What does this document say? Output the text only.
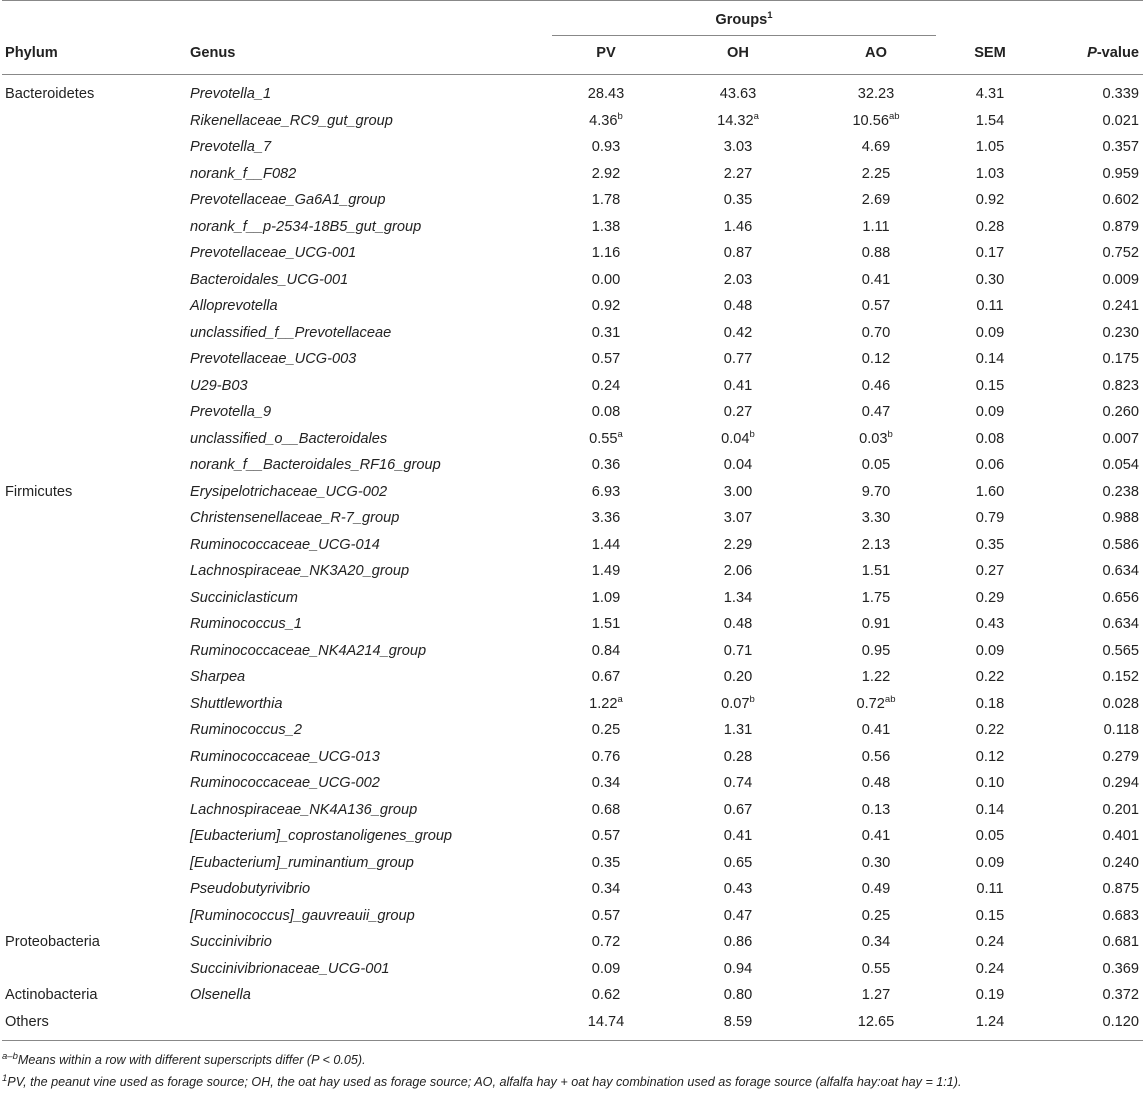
		Groups$^1$		
Phylum	Genus	PV	OH	AO	SEM	P-value
Bacteroidetes	Prevotella_1	28.43	43.63	32.23	4.31	0.339
	Rikenellaceae_RC9_gut_group	4.36$^b$	14.32$^a$	10.56$^{ab}$	1.54	0.021
	Prevotella_7	0.93	3.03	4.69	1.05	0.357
	norank_f__F082	2.92	2.27	2.25	1.03	0.959
	Prevotellaceae_Ga6A1_group	1.78	0.35	2.69	0.92	0.602
	norank_f__p-2534-18B5_gut_group	1.38	1.46	1.11	0.28	0.879
	Prevotellaceae_UCG-001	1.16	0.87	0.88	0.17	0.752
	Bacteroidales_UCG-001	0.00	2.03	0.41	0.30	0.009
	Alloprevotella	0.92	0.48	0.57	0.11	0.241
	unclassified_f__Prevotellaceae	0.31	0.42	0.70	0.09	0.230
	Prevotellaceae_UCG-003	0.57	0.77	0.12	0.14	0.175
	U29-B03	0.24	0.41	0.46	0.15	0.823
	Prevotella_9	0.08	0.27	0.47	0.09	0.260
	unclassified_o__Bacteroidales	0.55$^a$	0.04$^b$	0.03$^b$	0.08	0.007
	norank_f__Bacteroidales_RF16_group	0.36	0.04	0.05	0.06	0.054
Firmicutes	Erysipelotrichaceae_UCG-002	6.93	3.00	9.70	1.60	0.238
	Christensenellaceae_R-7_group	3.36	3.07	3.30	0.79	0.988
	Ruminococcaceae_UCG-014	1.44	2.29	2.13	0.35	0.586
	Lachnospiraceae_NK3A20_group	1.49	2.06	1.51	0.27	0.634
	Succiniclasticum	1.09	1.34	1.75	0.29	0.656
	Ruminococcus_1	1.51	0.48	0.91	0.43	0.634
	Ruminococcaceae_NK4A214_group	0.84	0.71	0.95	0.09	0.565
	Sharpea	0.67	0.20	1.22	0.22	0.152
	Shuttleworthia	1.22$^a$	0.07$^b$	0.72$^{ab}$	0.18	0.028
	Ruminococcus_2	0.25	1.31	0.41	0.22	0.118
	Ruminococcaceae_UCG-013	0.76	0.28	0.56	0.12	0.279
	Ruminococcaceae_UCG-002	0.34	0.74	0.48	0.10	0.294
	Lachnospiraceae_NK4A136_group	0.68	0.67	0.13	0.14	0.201
	[Eubacterium]_coprostanoligenes_group	0.57	0.41	0.41	0.05	0.401
	[Eubacterium]_ruminantium_group	0.35	0.65	0.30	0.09	0.240
	Pseudobutyrivibrio	0.34	0.43	0.49	0.11	0.875
	[Ruminococcus]_gauvreauii_group	0.57	0.47	0.25	0.15	0.683
Proteobacteria	Succinivibrio	0.72	0.86	0.34	0.24	0.681
	Succinivibrionaceae_UCG-001	0.09	0.94	0.55	0.24	0.369
Actinobacteria	Olsenella	0.62	0.80	1.27	0.19	0.372
Others		14.74	8.59	12.65	1.24	0.120
$^{a-b}$Means within a row with different superscripts differ (P < 0.05).
$^1$PV, the peanut vine used as forage source; OH, the oat hay used as forage source; AO, alfalfa hay + oat hay combination used as forage source (alfalfa hay:oat hay = 1:1).
